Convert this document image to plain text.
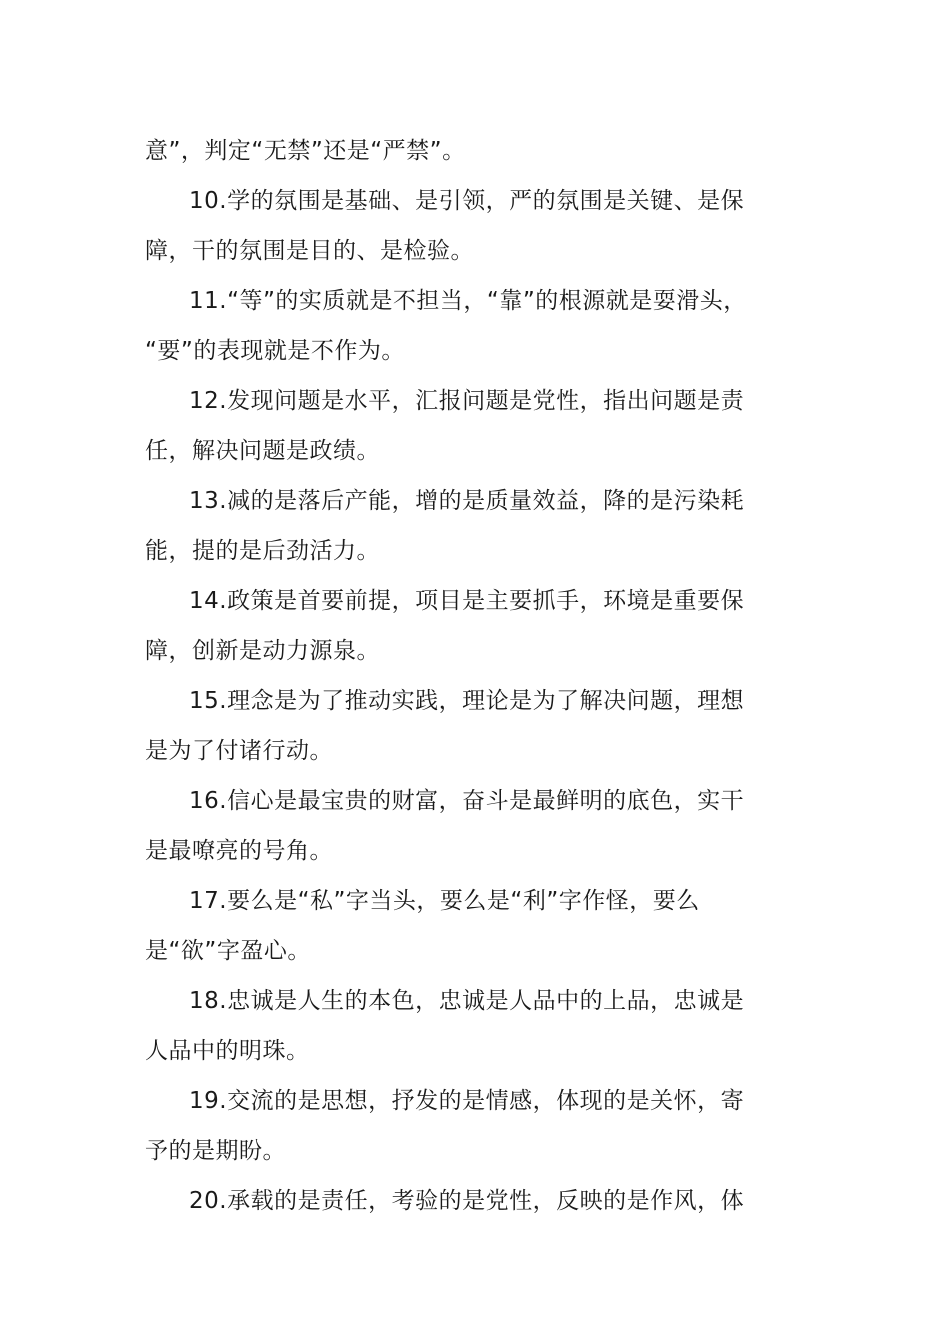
意”，判定“无禁”还是“严禁”。

10.学的氛围是基础、是引领，严的氛围是关键、是保
障，干的氛围是目的、是检验。

11.“等”的实质就是不担当，“靠”的根源就是耍滑头，
“要”的表现就是不作为。

12.发现问题是水平，汇报问题是党性，指出问题是责
任，解决问题是政绩。

13.减的是落后产能，增的是质量效益，降的是污染耗
能，提的是后劲活力。

14.政策是首要前提，项目是主要抓手，环境是重要保
障，创新是动力源泉。

15.理念是为了推动实践，理论是为了解决问题，理想
是为了付诸行动。

16.信心是最宝贵的财富，奋斗是最鲜明的底色，实干
是最嘹亮的号角。

17.要么是“私”字当头，要么是“利”字作怪，要么
是“欲”字盈心。

18.忠诚是人生的本色，忠诚是人品中的上品，忠诚是
人品中的明珠。

19.交流的是思想，抒发的是情感，体现的是关怀，寄
予的是期盼。

20.承载的是责任，考验的是党性，反映的是作风，体
